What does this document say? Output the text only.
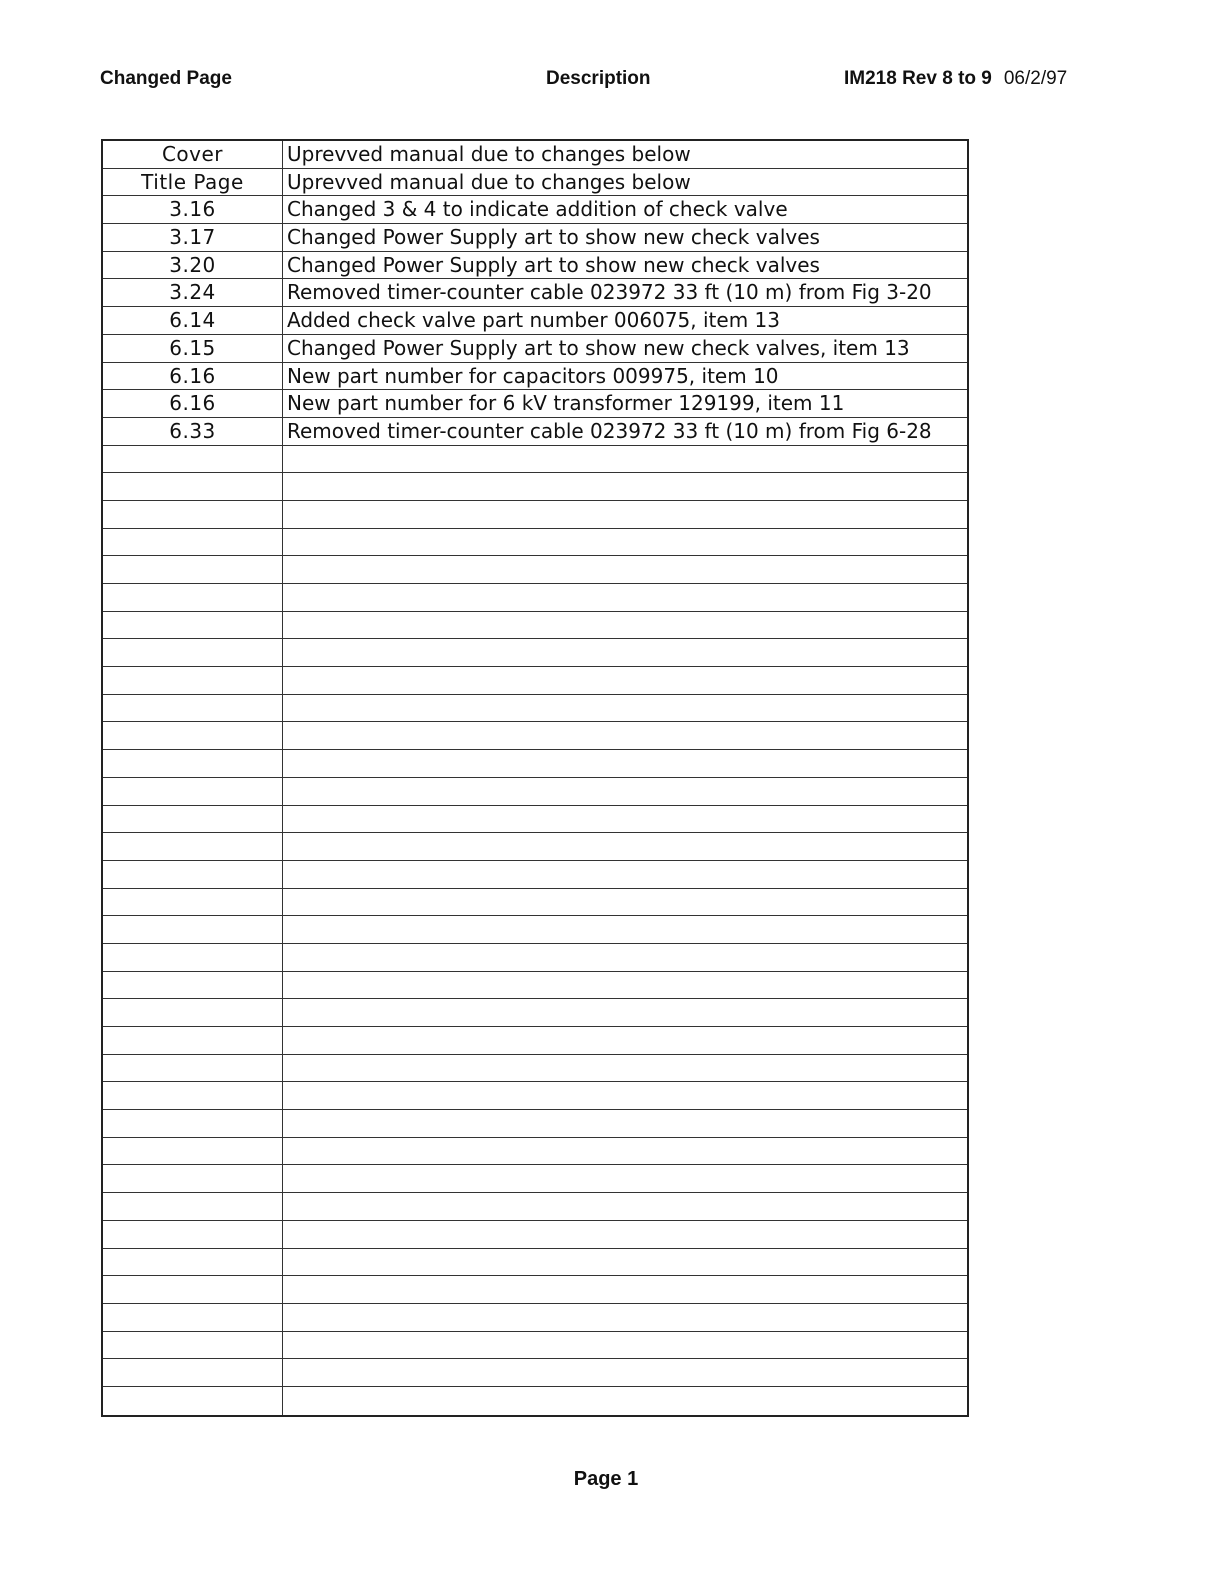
Changed Page	Description	IM218 Rev 8 to 9 06/2/97
Cover	Uprevved manual due to changes below
Title Page	Uprevved manual due to changes below
3.16	Changed 3 & 4 to indicate addition of check valve
3.17	Changed Power Supply art to show new check valves
3.20	Changed Power Supply art to show new check valves
3.24	Removed timer-counter cable 023972 33 ft (10 m) from Fig 3-20
6.14	Added check valve part number 006075, item 13
6.15	Changed Power Supply art to show new check valves, item 13
6.16	New part number for capacitors 009975, item 10
6.16	New part number for 6 kV transformer 129199, item 11
6.33	Removed timer-counter cable 023972 33 ft (10 m) from Fig 6-28
Page 1
